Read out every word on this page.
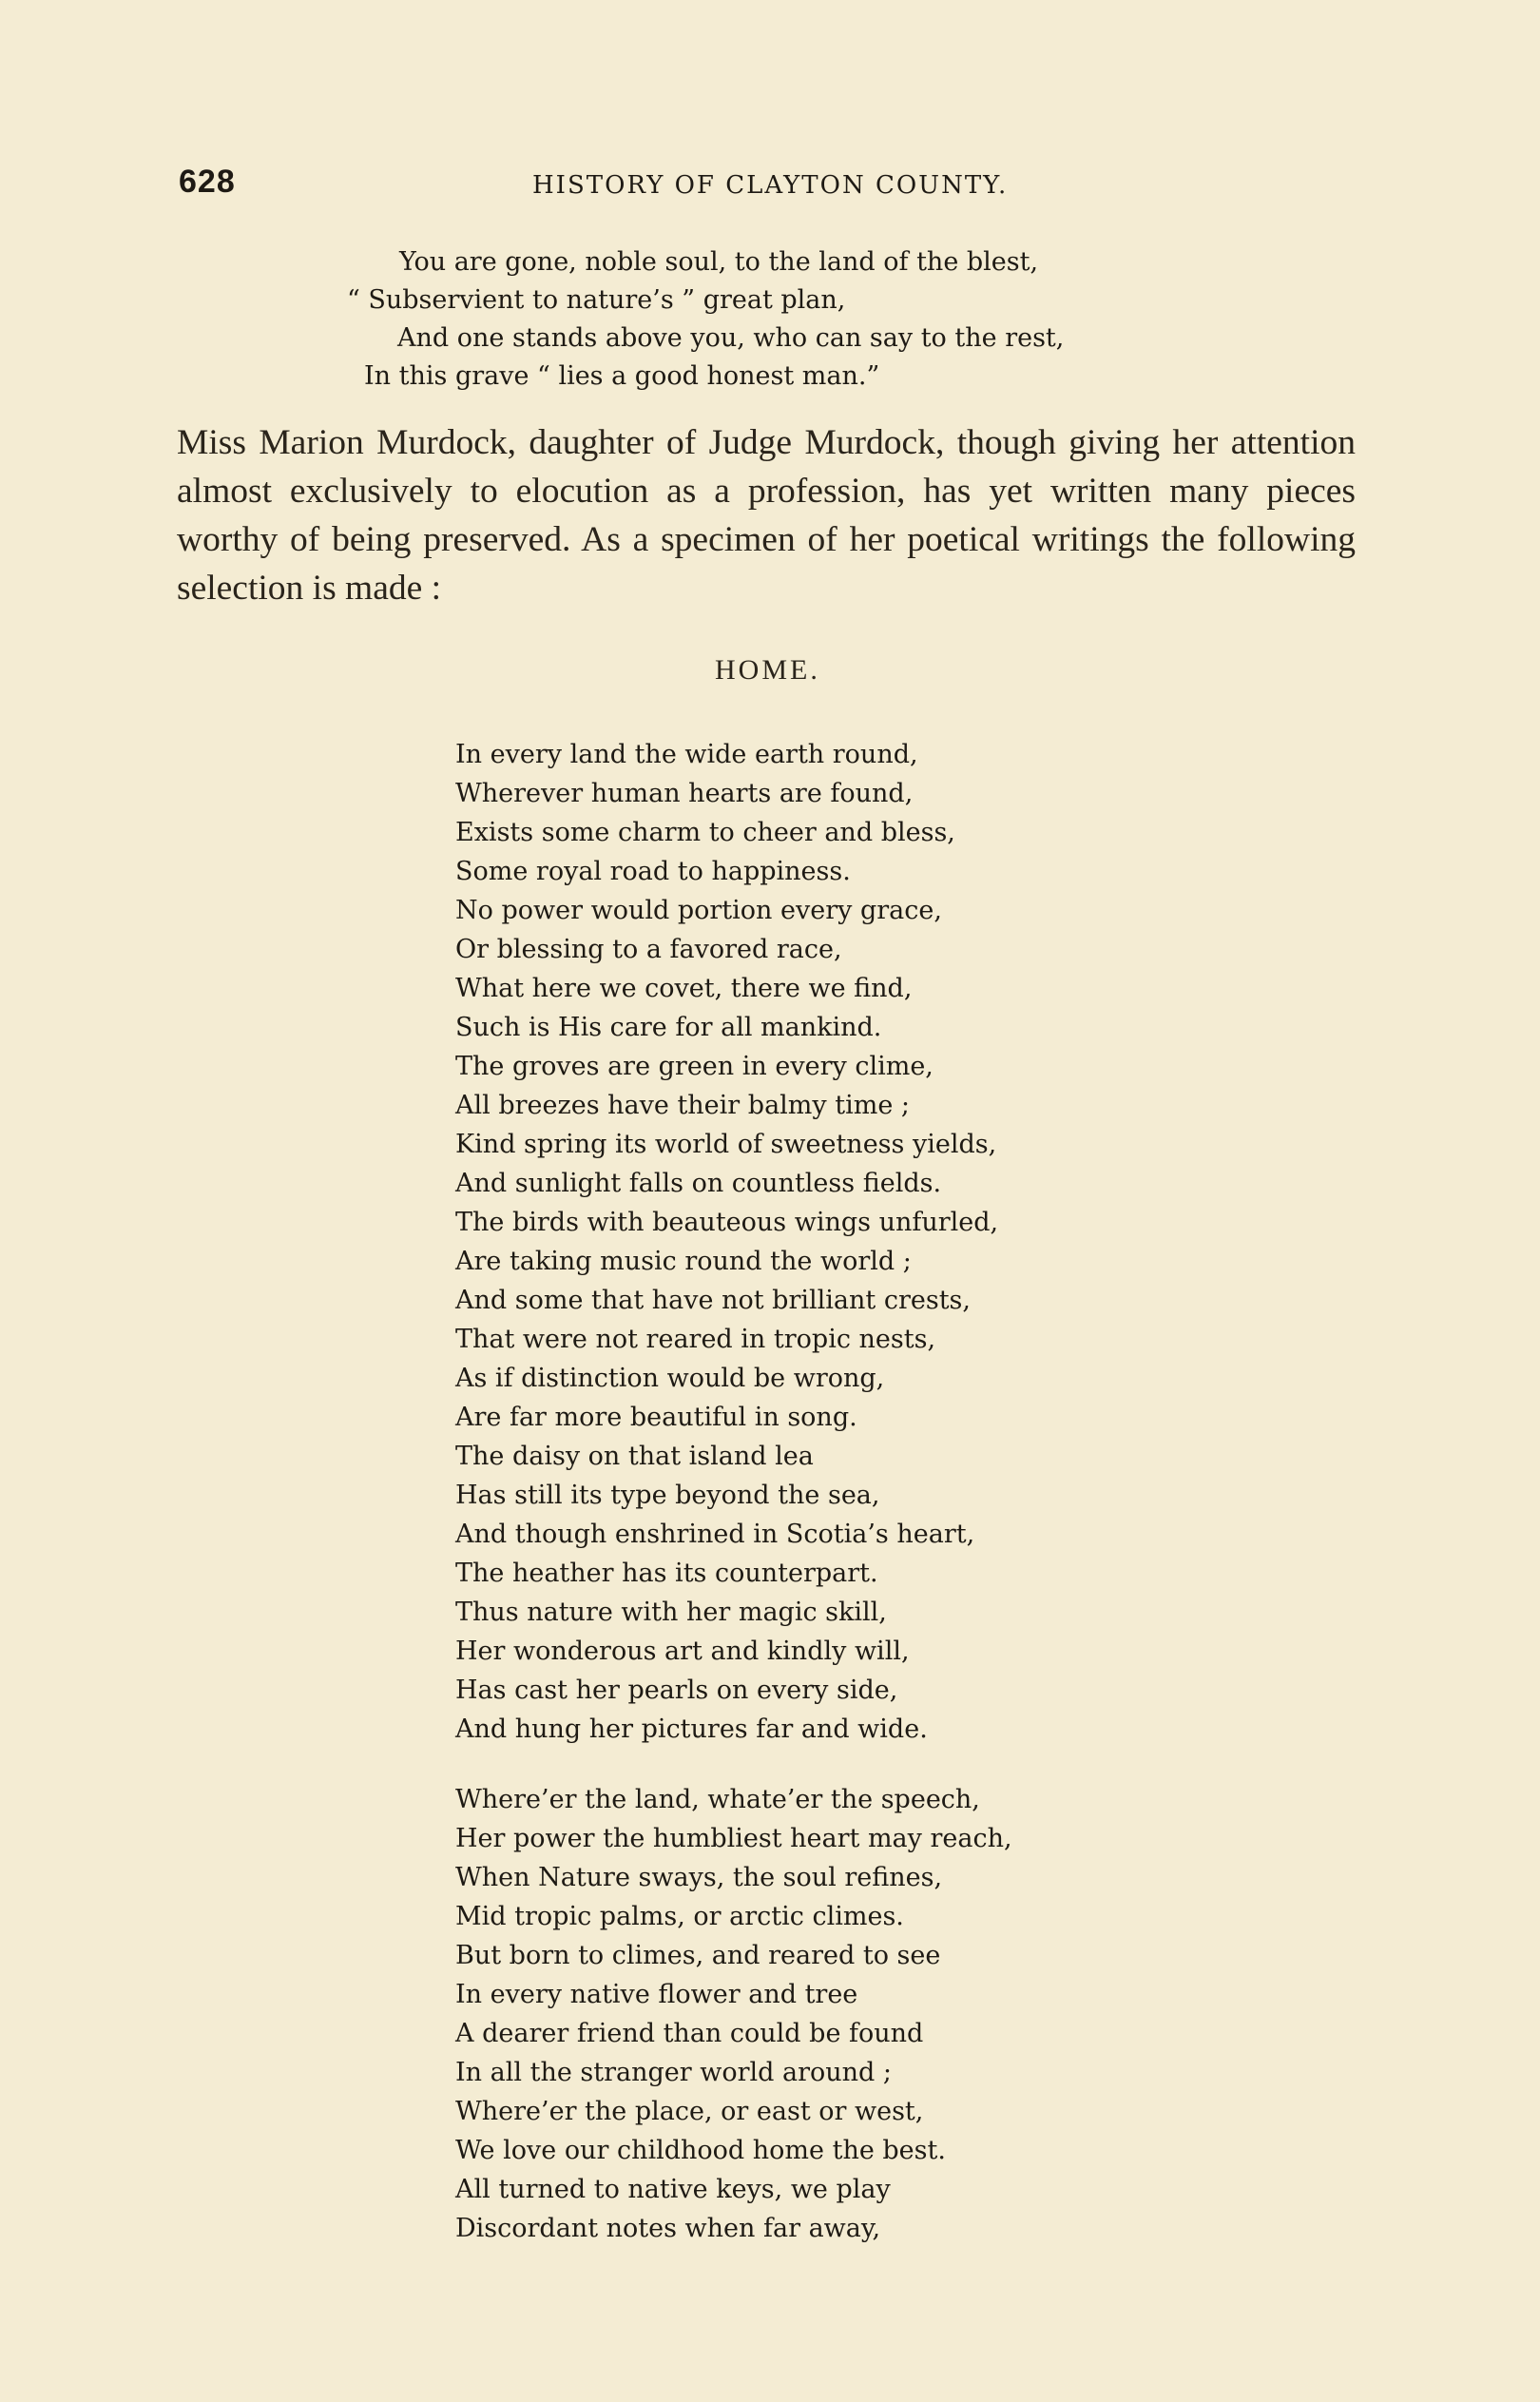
628	HISTORY OF CLAYTON COUNTY.
You are gone, noble soul, to the land of the blest,
“ Subservient to nature’s ” great plan,
And one stands above you, who can say to the rest,
In this grave “ lies a good honest man.”

Miss Marion Murdock, daughter of Judge Murdock, though giving her attention almost exclusively to elocution as a profession, has yet written many pieces worthy of being preserved. As a specimen of her poetical writings the following selection is made :

HOME.
In every land the wide earth round,
Wherever human hearts are found,
Exists some charm to cheer and bless,
Some royal road to happiness.
No power would portion every grace,
Or blessing to a favored race,
What here we covet, there we find,
Such is His care for all mankind.
The groves are green in every clime,
All breezes have their balmy time ;
Kind spring its world of sweetness yields,
And sunlight falls on countless fields.
The birds with beauteous wings unfurled,
Are taking music round the world ;
And some that have not brilliant crests,
That were not reared in tropic nests,
As if distinction would be wrong,
Are far more beautiful in song.
The daisy on that island lea
Has still its type beyond the sea,
And though enshrined in Scotia’s heart,
The heather has its counterpart.
Thus nature with her magic skill,
Her wonderous art and kindly will,
Has cast her pearls on every side,
And hung her pictures far and wide.
Where’er the land, whate’er the speech,
Her power the humbliest heart may reach,
When Nature sways, the soul refines,
Mid tropic palms, or arctic climes.
But born to climes, and reared to see
In every native flower and tree
A dearer friend than could be found
In all the stranger world around ;
Where’er the place, or east or west,
We love our childhood home the best.
All turned to native keys, we play
Discordant notes when far away,
